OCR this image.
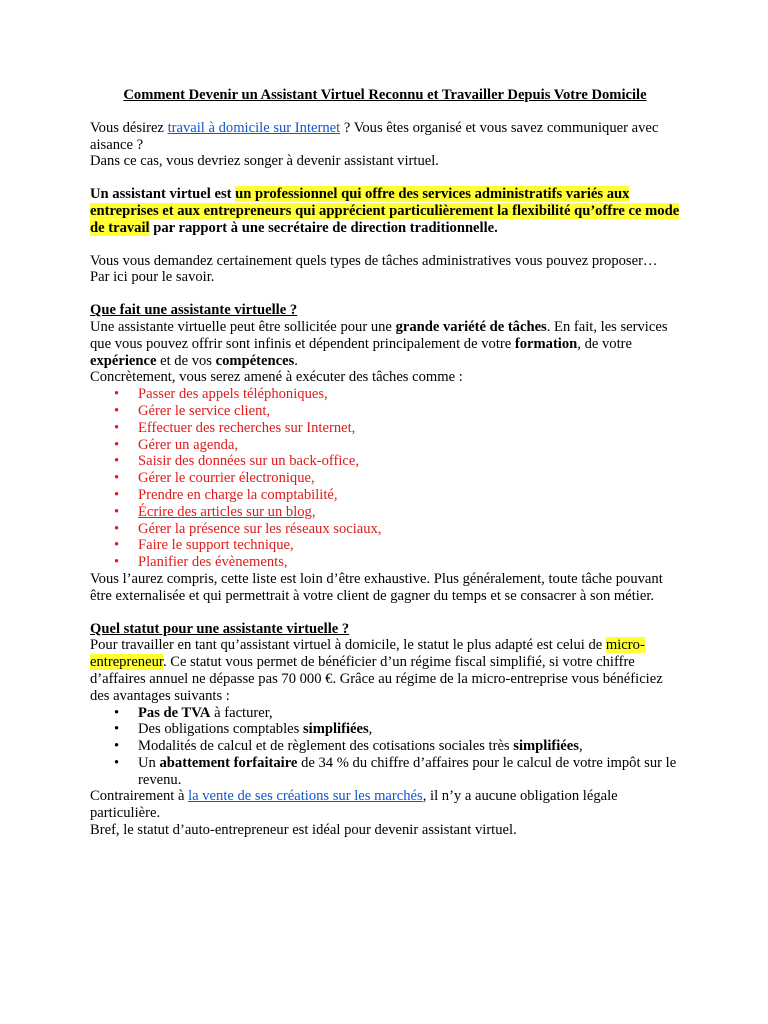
Comment Devenir un Assistant Virtuel Reconnu et Travailler Depuis Votre Domicile

Vous désirez travail à domicile sur Internet ? Vous êtes organisé et vous savez communiquer avec aisance ?

Dans ce cas, vous devriez songer à devenir assistant virtuel.

Un assistant virtuel est un professionnel qui offre des services administratifs variés aux entreprises et aux entrepreneurs qui apprécient particulièrement la flexibilité qu’offre ce mode de travail par rapport à une secrétaire de direction traditionnelle.

Vous vous demandez certainement quels types de tâches administratives vous pouvez proposer…

Par ici pour le savoir.

Que fait une assistante virtuelle ?

Une assistante virtuelle peut être sollicitée pour une grande variété de tâches. En fait, les services que vous pouvez offrir sont infinis et dépendent principalement de votre formation, de votre expérience et de vos compétences.

Concrètement, vous serez amené à exécuter des tâches comme :

• Passer des appels téléphoniques,
• Gérer le service client,
• Effectuer des recherches sur Internet,
• Gérer un agenda,
• Saisir des données sur un back-office,
• Gérer le courrier électronique,
• Prendre en charge la comptabilité,
• Écrire des articles sur un blog,
• Gérer la présence sur les réseaux sociaux,
• Faire le support technique,
• Planifier des évènements,

Vous l’aurez compris, cette liste est loin d’être exhaustive. Plus généralement, toute tâche pouvant être externalisée et qui permettrait à votre client de gagner du temps et se consacrer à son métier.

Quel statut pour une assistante virtuelle ?

Pour travailler en tant qu’assistant virtuel à domicile, le statut le plus adapté est celui de micro-entrepreneur. Ce statut vous permet de bénéficier d’un régime fiscal simplifié, si votre chiffre d’affaires annuel ne dépasse pas 70 000 €. Grâce au régime de la micro-entreprise vous bénéficiez des avantages suivants :

• Pas de TVA à facturer,
• Des obligations comptables simplifiées,
• Modalités de calcul et de règlement des cotisations sociales très simplifiées,
• Un abattement forfaitaire de 34 % du chiffre d’affaires pour le calcul de votre impôt sur le revenu.

Contrairement à la vente de ses créations sur les marchés, il n’y a aucune obligation légale particulière.

Bref, le statut d’auto-entrepreneur est idéal pour devenir assistant virtuel.
